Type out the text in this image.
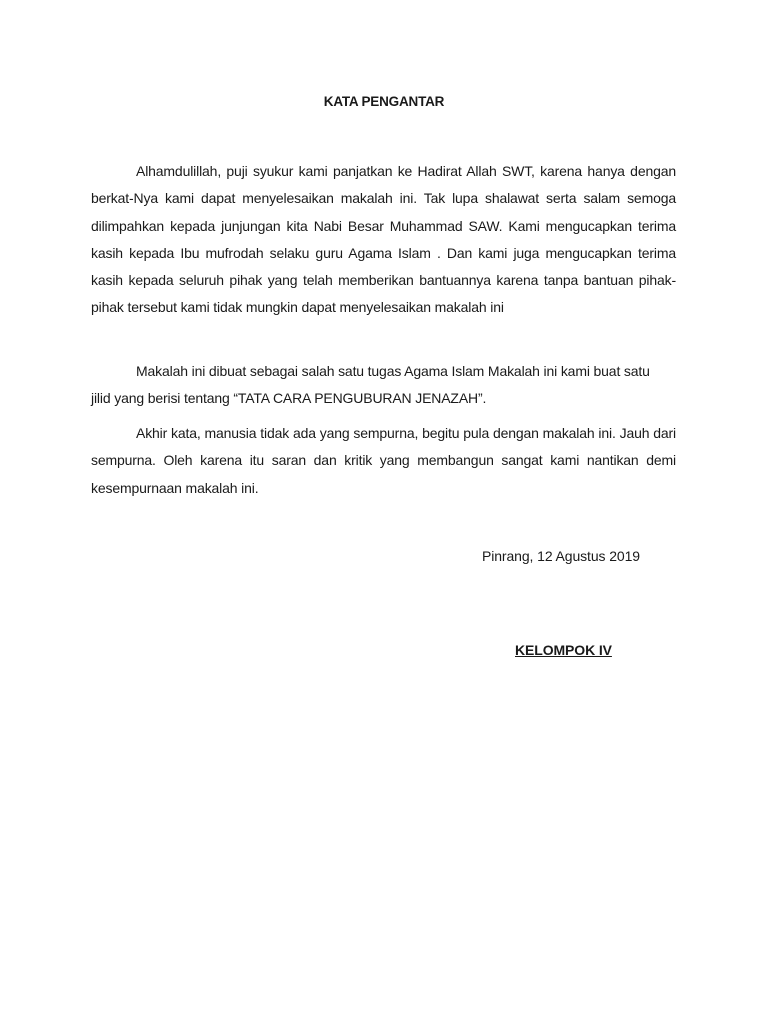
KATA PENGANTAR

Alhamdulillah, puji syukur kami panjatkan ke Hadirat Allah SWT, karena hanya dengan berkat-Nya kami dapat menyelesaikan makalah ini. Tak lupa shalawat serta salam semoga dilimpahkan kepada junjungan kita Nabi Besar Muhammad SAW. Kami mengucapkan terima kasih kepada Ibu mufrodah selaku guru Agama Islam . Dan kami juga mengucapkan terima kasih kepada seluruh pihak yang telah memberikan bantuannya karena tanpa bantuan pihak-pihak tersebut kami tidak mungkin dapat menyelesaikan makalah ini

Makalah ini dibuat sebagai salah satu tugas Agama Islam Makalah ini kami buat satu jilid yang berisi tentang “TATA CARA PENGUBURAN JENAZAH”.

Akhir kata, manusia tidak ada yang sempurna, begitu pula dengan makalah ini. Jauh dari sempurna. Oleh karena itu saran dan kritik yang membangun sangat kami nantikan demi kesempurnaan makalah ini.

Pinrang, 12 Agustus 2019
KELOMPOK IV
